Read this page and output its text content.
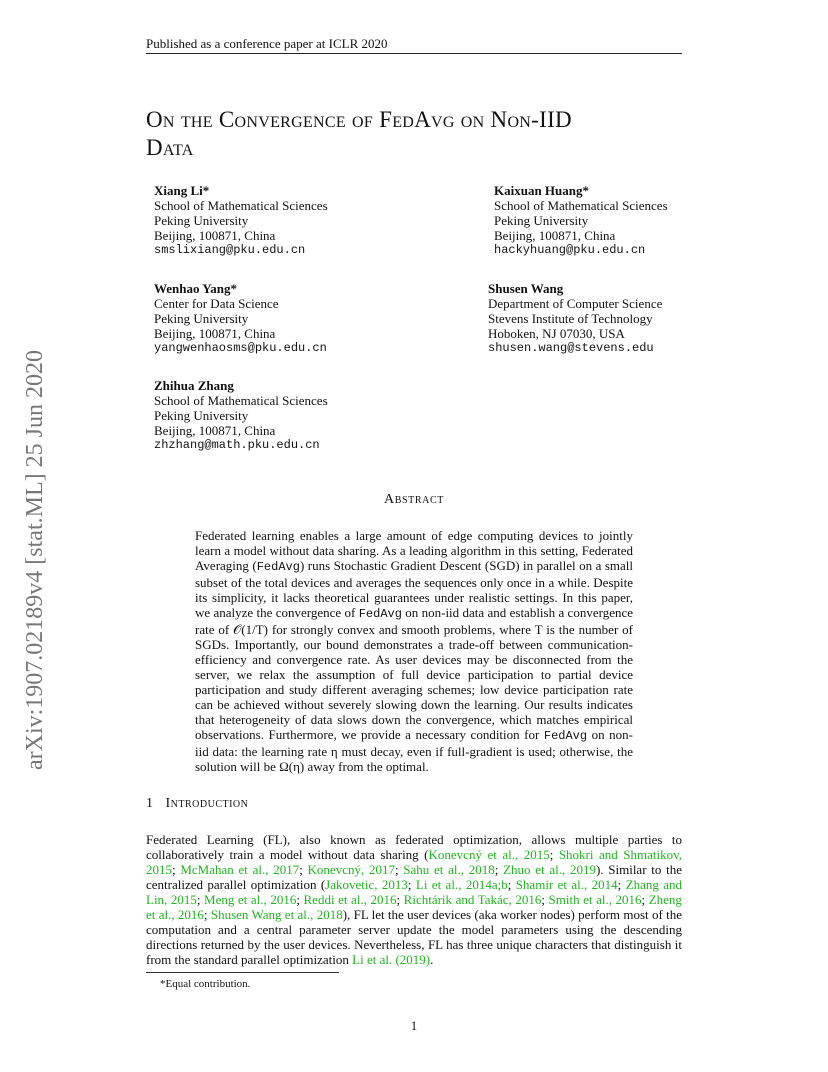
Published as a conference paper at ICLR 2020
arXiv:1907.02189v4 [stat.ML] 25 Jun 2020
On the Convergence of FedAvg on Non-IID
Data
Xiang Li*
School of Mathematical Sciences
Peking University
Beijing, 100871, China
smslixiang@pku.edu.cn
Kaixuan Huang*
School of Mathematical Sciences
Peking University
Beijing, 100871, China
hackyhuang@pku.edu.cn
Wenhao Yang*
Center for Data Science
Peking University
Beijing, 100871, China
yangwenhaosms@pku.edu.cn
Shusen Wang
Department of Computer Science
Stevens Institute of Technology
Hoboken, NJ 07030, USA
shusen.wang@stevens.edu
Zhihua Zhang
School of Mathematical Sciences
Peking University
Beijing, 100871, China
zhzhang@math.pku.edu.cn
Abstract

Federated learning enables a large amount of edge computing devices to jointly learn a model without data sharing. As a leading algorithm in this setting, Federated Averaging (FedAvg) runs Stochastic Gradient Descent (SGD) in parallel on a small subset of the total devices and averages the sequences only once in a while. Despite its simplicity, it lacks theoretical guarantees under realistic settings. In this paper, we analyze the convergence of FedAvg on non-iid data and establish a convergence rate of 𝒪(1/T) for strongly convex and smooth problems, where T is the number of SGDs. Importantly, our bound demonstrates a trade-off between communication-efficiency and convergence rate. As user devices may be disconnected from the server, we relax the assumption of full device participation to partial device participation and study different averaging schemes; low device participation rate can be achieved without severely slowing down the learning. Our results indicates that heterogeneity of data slows down the convergence, which matches empirical observations. Furthermore, we provide a necessary condition for FedAvg on non-iid data: the learning rate η must decay, even if full-gradient is used; otherwise, the solution will be Ω(η) away from the optimal.

1   Introduction

Federated Learning (FL), also known as federated optimization, allows multiple parties to collaboratively train a model without data sharing (Konevcný et al., 2015; Shokri and Shmatikov, 2015; McMahan et al., 2017; Konevcný, 2017; Sahu et al., 2018; Zhuo et al., 2019). Similar to the centralized parallel optimization (Jakovetic, 2013; Li et al., 2014a;b; Shamir et al., 2014; Zhang and Lin, 2015; Meng et al., 2016; Reddi et al., 2016; Richtárik and Takác, 2016; Smith et al., 2016; Zheng et al., 2016; Shusen Wang et al., 2018), FL let the user devices (aka worker nodes) perform most of the computation and a central parameter server update the model parameters using the descending directions returned by the user devices. Nevertheless, FL has three unique characters that distinguish it from the standard parallel optimization Li et al. (2019).

*Equal contribution.
1
